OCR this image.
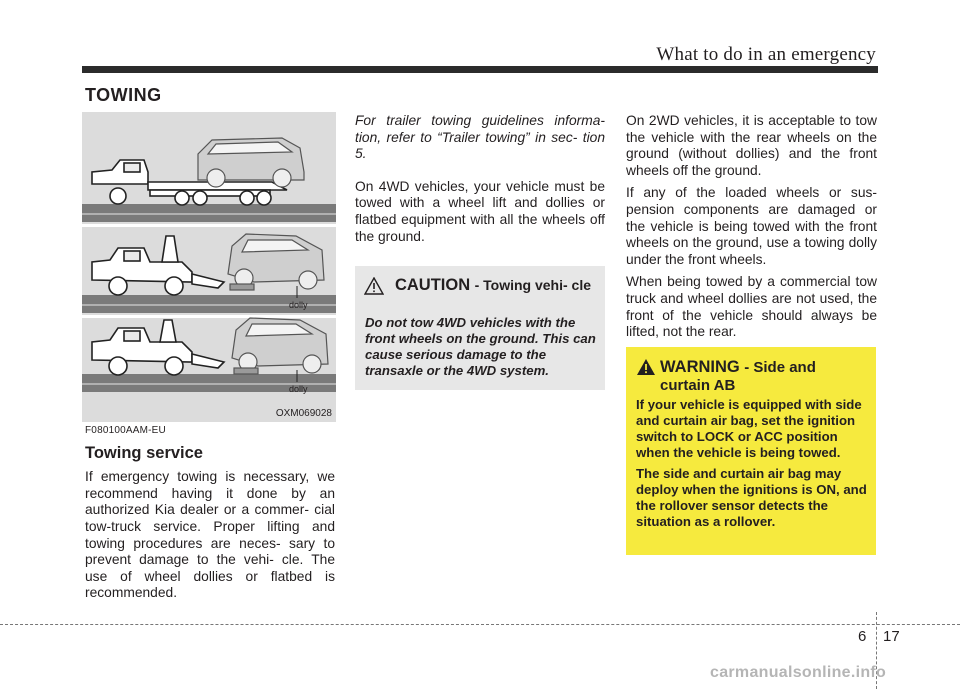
What to do in an emergency
TOWING
dolly
dolly
OXM069028
F080100AAM-EU
Towing service

If emergency towing is necessary, we recommend having it done by an authorized Kia dealer or a commer- cial tow-truck service. Proper lifting and towing procedures are neces- sary to prevent damage to the vehi- cle. The use of wheel dollies or flatbed is recommended.

For trailer towing guidelines informa- tion, refer to “Trailer towing” in sec- tion 5.

On 4WD vehicles, your vehicle must be towed with a wheel lift and dollies or flatbed equipment with all the wheels off the ground.

CAUTION - Towing vehi- cle
Do not tow 4WD vehicles with the front wheels on the ground. This can cause serious damage to the transaxle or the 4WD system.

On 2WD vehicles, it is acceptable to tow the vehicle with the rear wheels on the ground (without dollies) and the front wheels off the ground.

If any of the loaded wheels or sus- pension components are damaged or the vehicle is being towed with the front wheels on the ground, use a towing dolly under the front wheels.

When being towed by a commercial tow truck and wheel dollies are not used, the front of the vehicle should always be lifted, not the rear.

WARNING - Side and curtain AB

If your vehicle is equipped with side and curtain air bag, set the ignition switch to LOCK or ACC position when the vehicle is being towed.

The side and curtain air bag may deploy when the ignitions is ON, and the rollover sensor detects the situation as a rollover.

6 17
carmanualsonline.info
